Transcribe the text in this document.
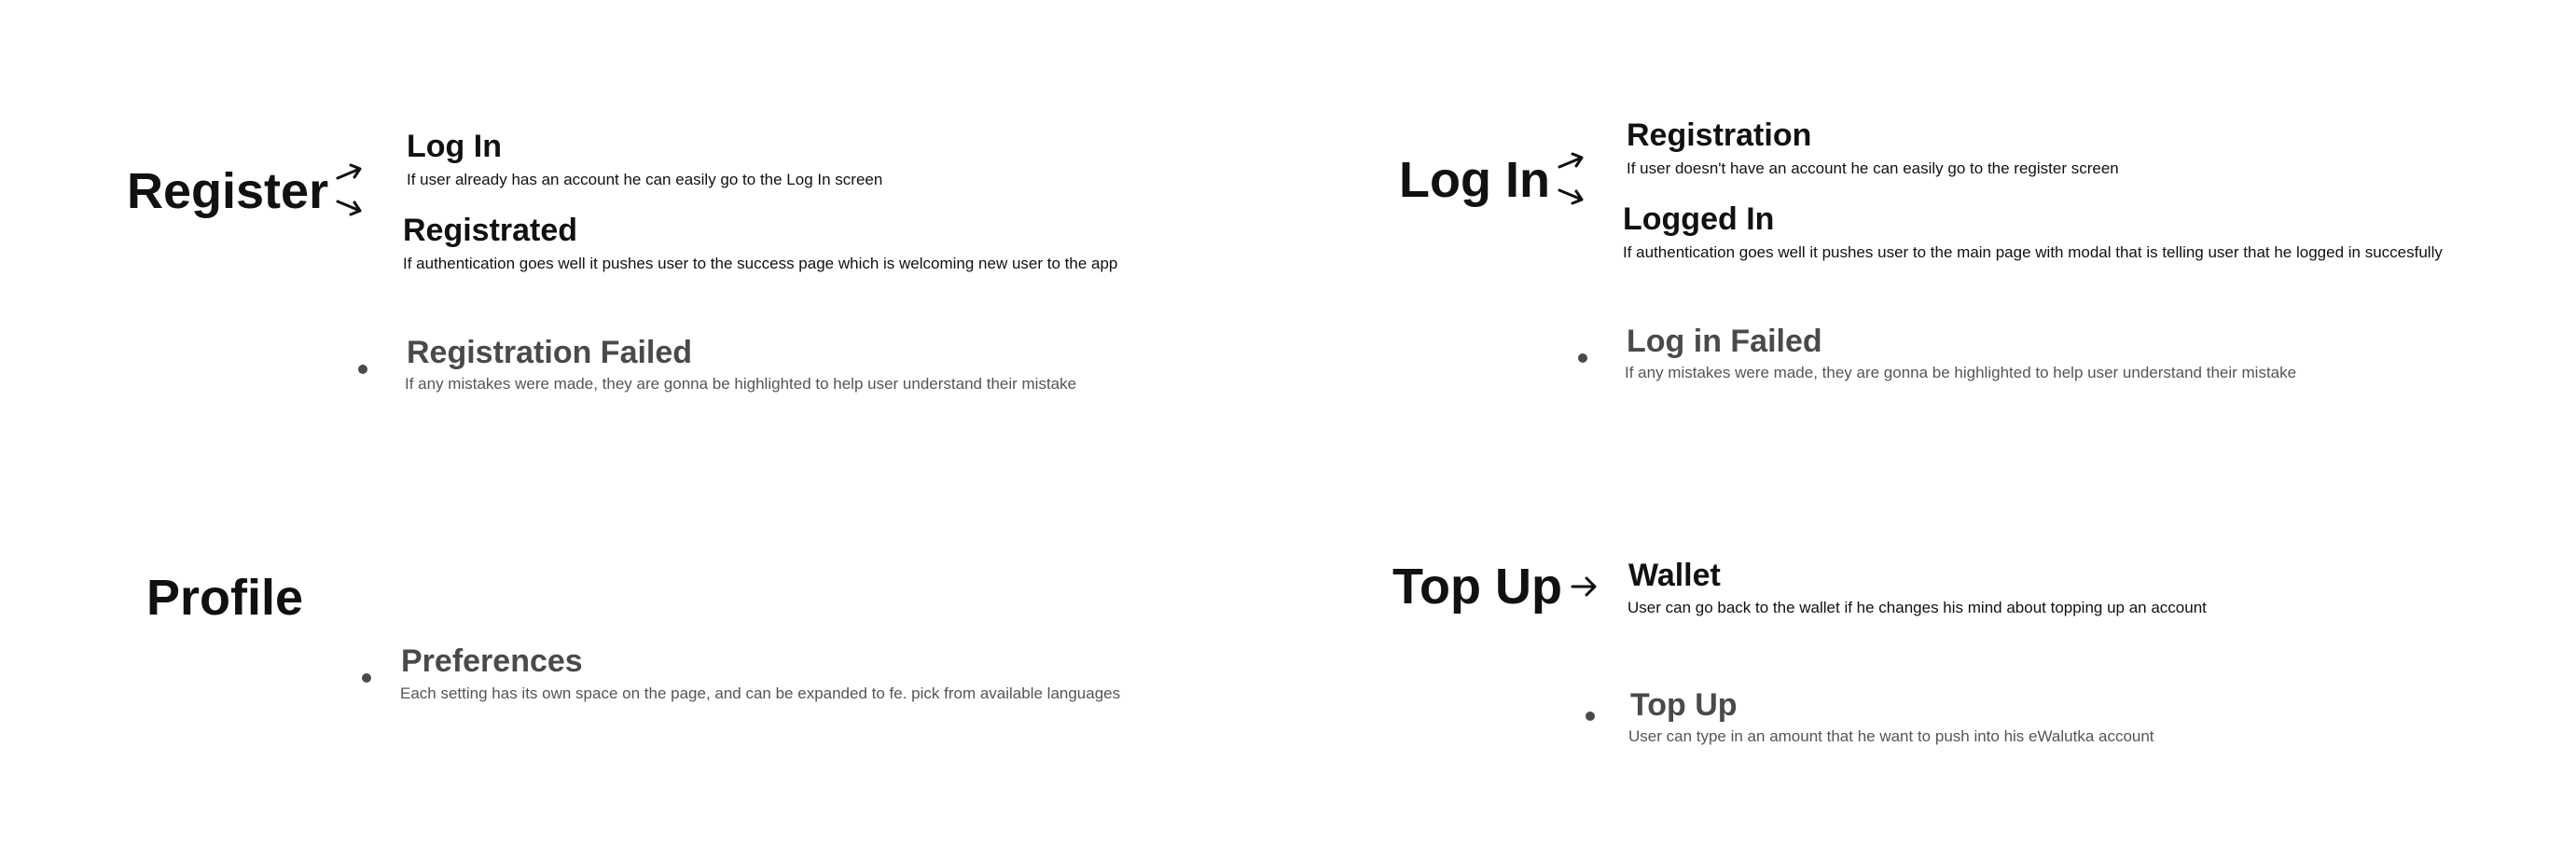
Register
Log In
If user already has an account he can easily go to the Log In screen
Registrated
If authentication goes well it pushes user to the success page which is welcoming new user to the app
Registration Failed
If any mistakes were made, they are gonna be highlighted to help user understand their mistake
Log In
Registration
If user doesn't have an account he can easily go to the register screen
Logged In
If authentication goes well it pushes user to the main page with modal that is telling user that he logged in succesfully
Log in Failed
If any mistakes were made, they are gonna be highlighted to help user understand their mistake
Profile
Preferences
Each setting has its own space on the page, and can be expanded to fe. pick from available languages
Top Up Wallet
User can go back to the wallet if he changes his mind about topping up an account
Top Up
User can type in an amount that he want to push into his eWalutka account
